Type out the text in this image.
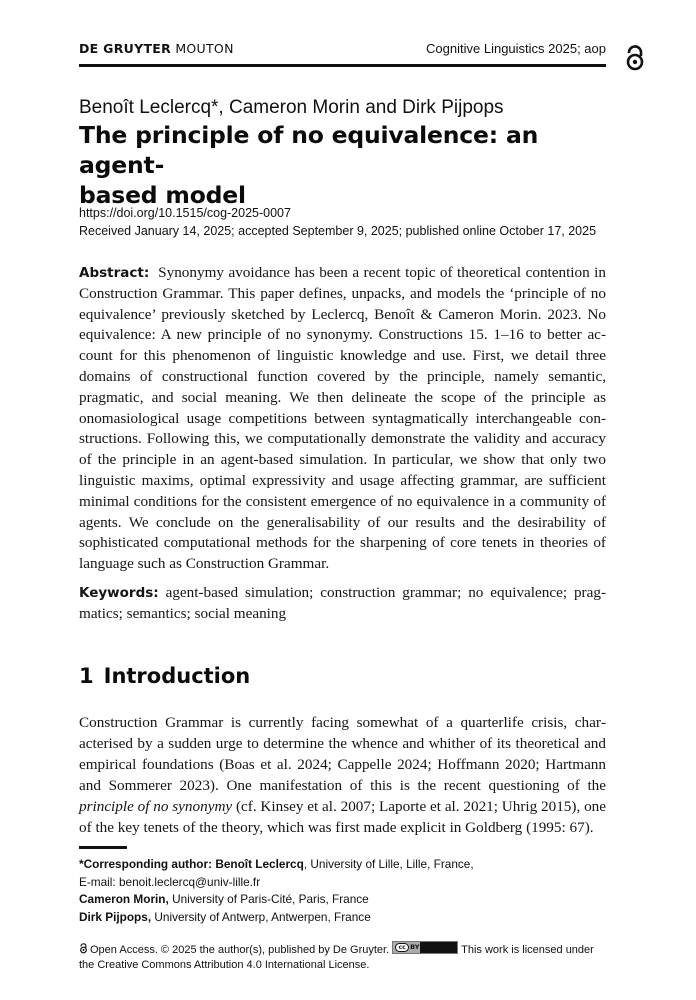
DE GRUYTER MOUTON	Cognitive Linguistics 2025; aop
Benoît Leclercq*, Cameron Morin and Dirk Pijpops
The principle of no equivalence: an agent-
based model
https://doi.org/10.1515/cog-2025-0007
Received January 14, 2025; accepted September 9, 2025; published online October 17, 2025
Abstract: Synonymy avoidance has been a recent topic of theoretical contention in Construction Grammar. This paper defines, unpacks, and models the ‘principle of no equivalence’ previously sketched by Leclercq, Benoît & Cameron Morin. 2023. No equivalence: A new principle of no synonymy. Constructions 15. 1–16 to better account for this phenomenon of linguistic knowledge and use. First, we detail three domains of constructional function covered by the principle, namely semantic, pragmatic, and social meaning. We then delineate the scope of the principle as onomasiological usage competitions between syntagmatically interchangeable constructions. Following this, we computationally demonstrate the validity and accuracy of the principle in an agent-based simulation. In particular, we show that only two linguistic maxims, optimal expressivity and usage affecting grammar, are sufficient minimal conditions for the consistent emergence of no equivalence in a community of agents. We conclude on the generalisability of our results and the desirability of sophisticated computational methods for the sharpening of core tenets in theories of language such as Construction Grammar.
Keywords: agent-based simulation; construction grammar; no equivalence; pragmatics; semantics; social meaning
1 Introduction
Construction Grammar is currently facing somewhat of a quarterlife crisis, characterised by a sudden urge to determine the whence and whither of its theoretical and empirical foundations (Boas et al. 2024; Cappelle 2024; Hoffmann 2020; Hartmann and Sommerer 2023). One manifestation of this is the recent questioning of the principle of no synonymy (cf. Kinsey et al. 2007; Laporte et al. 2021; Uhrig 2015), one of the key tenets of the theory, which was first made explicit in Goldberg (1995: 67).
*Corresponding author: Benoît Leclercq, University of Lille, Lille, France,
E-mail: benoit.leclercq@univ-lille.fr
Cameron Morin, University of Paris-Cité, Paris, France
Dirk Pijpops, University of Antwerp, Antwerpen, France
Open Access. © 2025 the author(s), published by De Gruyter.	cc BY	This work is licensed under the Creative Commons Attribution 4.0 International License.
